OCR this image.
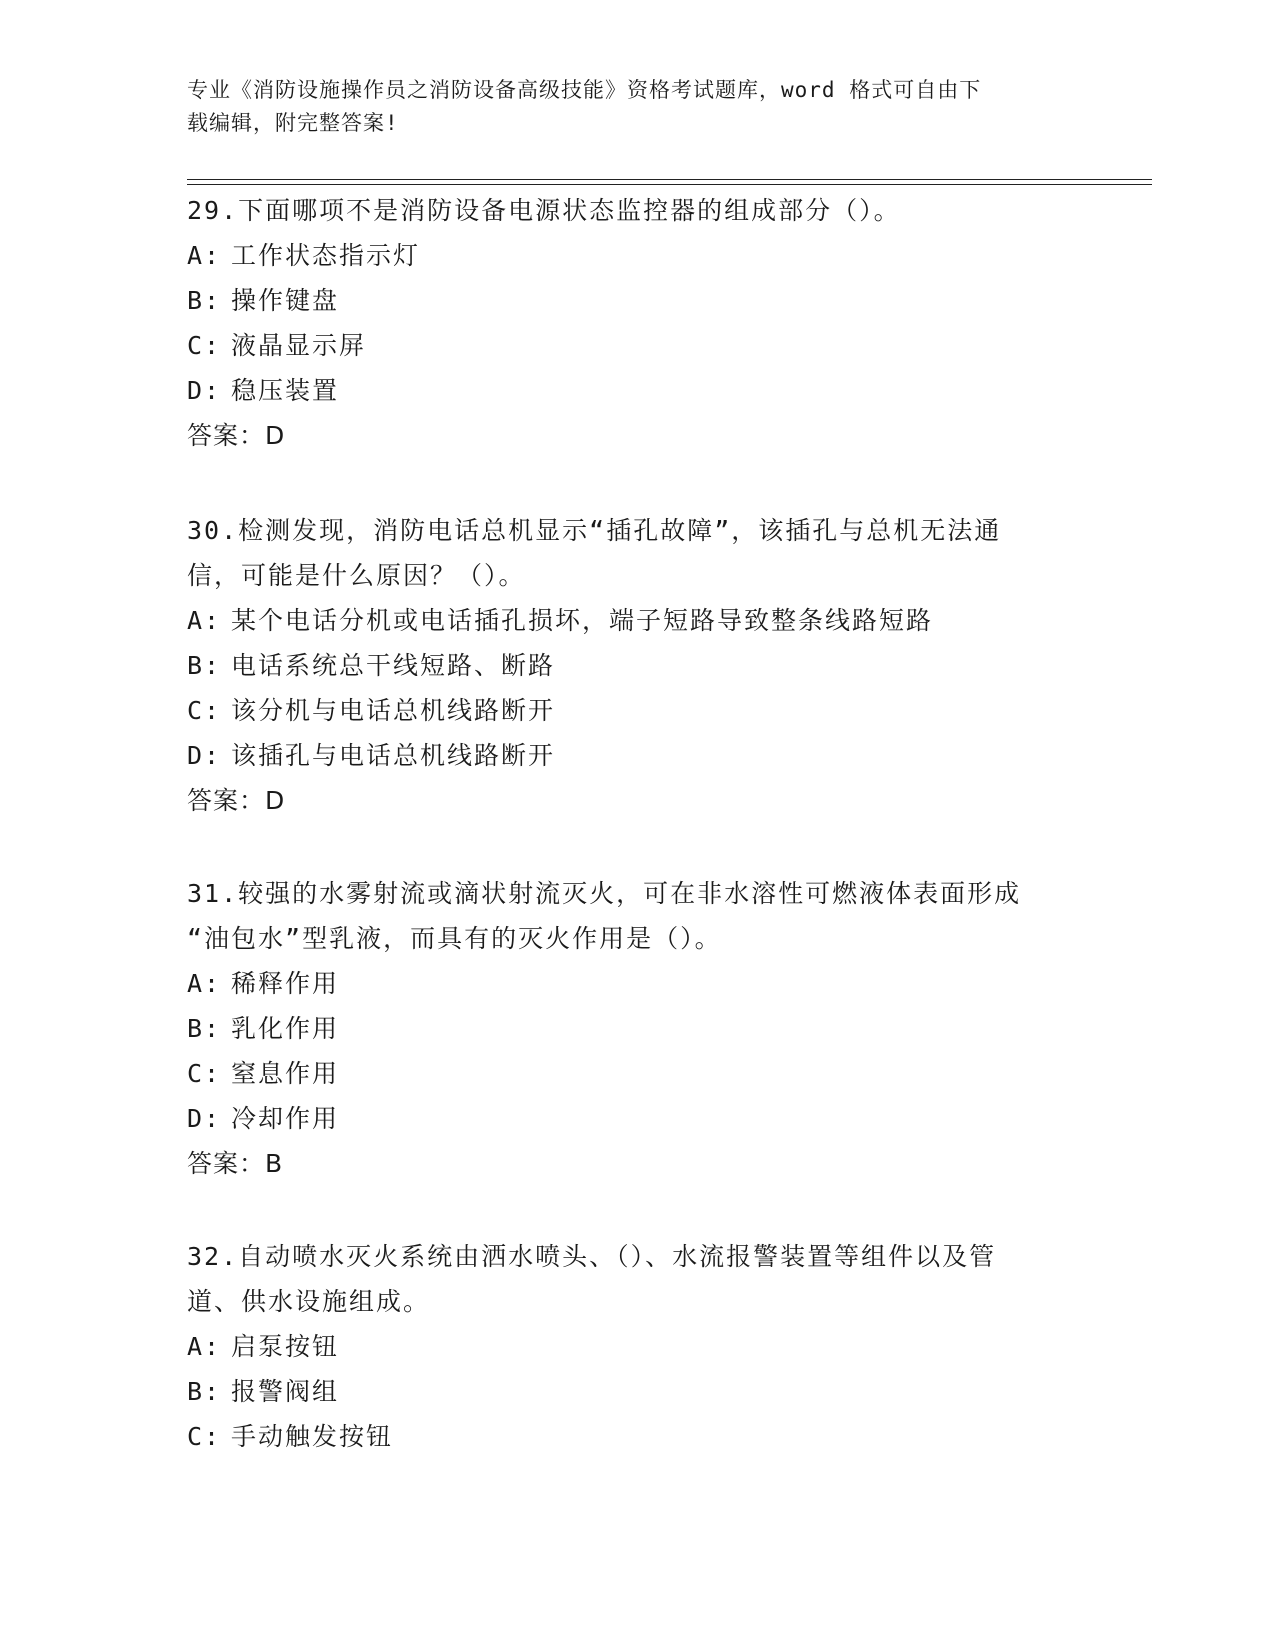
专业《消防设施操作员之消防设备高级技能》资格考试题库，word 格式可自由下
载编辑，附完整答案!

29.下面哪项不是消防设备电源状态监控器的组成部分（）。

A: 工作状态指示灯

B: 操作键盘

C: 液晶显示屏

D: 稳压装置

答案：D

30.检测发现，消防电话总机显示“插孔故障”，该插孔与总机无法通

信，可能是什么原因？（）。

A: 某个电话分机或电话插孔损坏，端子短路导致整条线路短路

B: 电话系统总干线短路、断路

C: 该分机与电话总机线路断开

D: 该插孔与电话总机线路断开

答案：D

31.较强的水雾射流或滴状射流灭火，可在非水溶性可燃液体表面形成

“油包水”型乳液，而具有的灭火作用是（）。

A: 稀释作用

B: 乳化作用

C: 窒息作用

D: 冷却作用

答案：B

32.自动喷水灭火系统由洒水喷头、（）、水流报警装置等组件以及管

道、供水设施组成。

A: 启泵按钮

B: 报警阀组

C: 手动触发按钮
